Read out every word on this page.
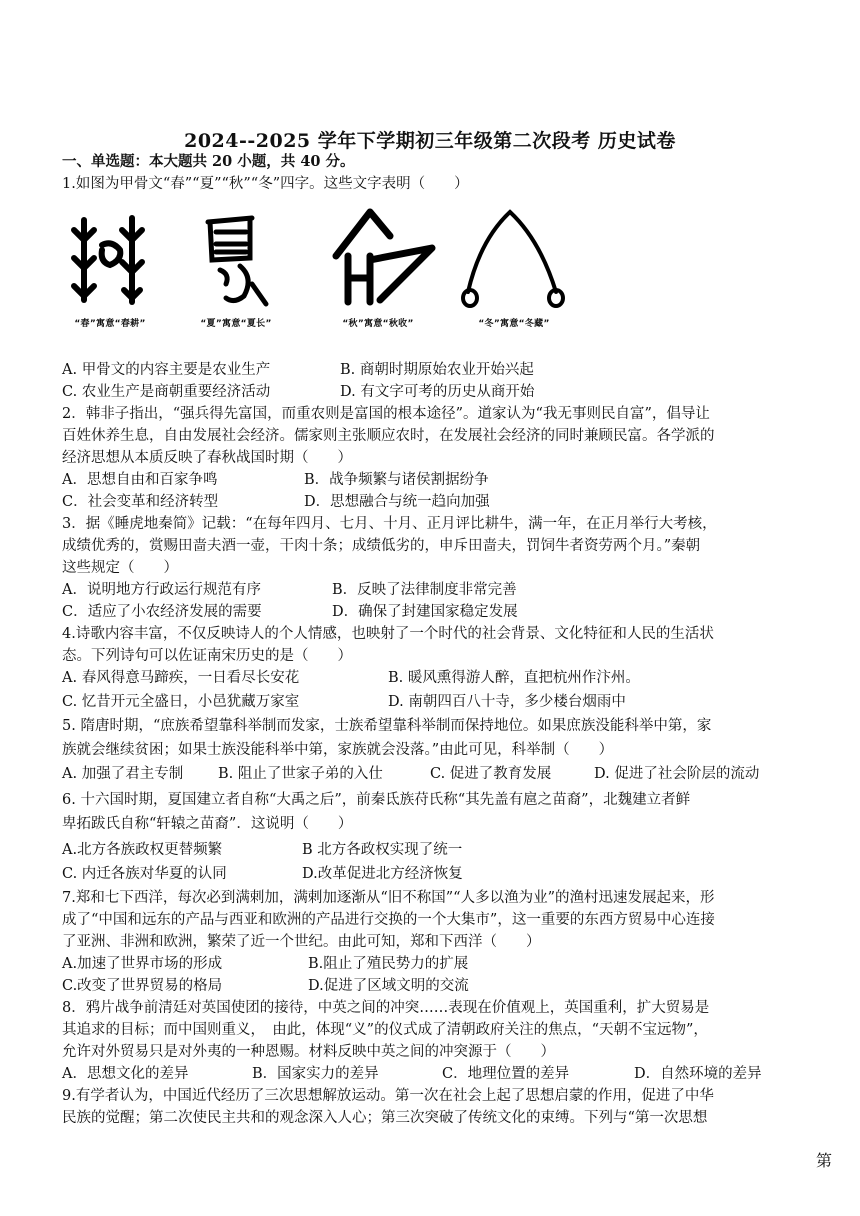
2024--2025 学年下学期初三年级第二次段考 历史试卷
一、单选题：本大题共 20 小题，共 40 分。
1.如图为甲骨文“春”“夏”“秋”“冬”四字。这些文字表明（　　）
“春”寓意“春耕”	“夏”寓意“夏长”	“秋”寓意“秋收”	“冬”寓意“冬藏”
A. 甲骨文的内容主要是农业生产	B. 商朝时期原始农业开始兴起
C. 农业生产是商朝重要经济活动	D. 有文字可考的历史从商开始
2．韩非子指出，“强兵得先富国，而重农则是富国的根本途径”。道家认为“我无事则民自富”，倡导让
百姓休养生息，自由发展社会经济。儒家则主张顺应农时，在发展社会经济的同时兼顾民富。各学派的
经济思想从本质反映了春秋战国时期（　　）
A．思想自由和百家争鸣	B．战争频繁与诸侯割据纷争
C．社会变革和经济转型	D．思想融合与统一趋向加强
3．据《睡虎地秦简》记载：“在每年四月、七月、十月、正月评比耕牛，满一年，在正月举行大考核，
成绩优秀的，赏赐田啬夫酒一壶，干肉十条；成绩低劣的，申斥田啬夫，罚饲牛者资劳两个月。”秦朝
这些规定（　　）
A．说明地方行政运行规范有序	B．反映了法律制度非常完善
C．适应了小农经济发展的需要	D．确保了封建国家稳定发展
4.诗歌内容丰富，不仅反映诗人的个人情感，也映射了一个时代的社会背景、文化特征和人民的生活状
态。下列诗句可以佐证南宋历史的是（　　）
A. 春风得意马蹄疾，一日看尽长安花	B. 暖风熏得游人醉，直把杭州作汴州。
C. 忆昔开元全盛日，小邑犹藏万家室	D. 南朝四百八十寺，多少楼台烟雨中
5. 隋唐时期，“庶族希望靠科举制而发家，士族希望靠科举制而保持地位。如果庶族没能科举中第，家
族就会继续贫困；如果士族没能科举中第，家族就会没落。”由此可见，科举制（　　）
A. 加强了君主专制 B. 阻止了世家子弟的入仕	C. 促进了教育发展	D. 促进了社会阶层的流动
6. 十六国时期，夏国建立者自称“大禹之后”，前秦氐族苻氏称“其先盖有扈之苗裔”，北魏建立者鲜
卑拓跋氏自称“轩辕之苗裔”．这说明（　　）
A.北方各族政权更替频繁	B 北方各政权实现了统一
C. 内迁各族对华夏的认同	D.改革促进北方经济恢复
7.郑和七下西洋，每次必到满剌加，满剌加逐渐从“旧不称国”“人多以渔为业”的渔村迅速发展起来，形
成了“中国和远东的产品与西亚和欧洲的产品进行交换的一个大集市”，这一重要的东西方贸易中心连接
了亚洲、非洲和欧洲，繁荣了近一个世纪。由此可知，郑和下西洋（　　）
A.加速了世界市场的形成	B.阻止了殖民势力的扩展
C.改变了世界贸易的格局	D.促进了区域文明的交流
8．鸦片战争前清廷对英国使团的接待，中英之间的冲突……表现在价值观上，英国重利，扩大贸易是
其追求的目标；而中国则重义，　由此，体现“义”的仪式成了清朝政府关注的焦点，“天朝不宝远物”，
允许对外贸易只是对外夷的一种恩赐。材料反映中英之间的冲突源于（　　）
A．思想文化的差异	B．国家实力的差异	C．地理位置的差异	D．自然环境的差异
9.有学者认为，中国近代经历了三次思想解放运动。第一次在社会上起了思想启蒙的作用，促进了中华
民族的觉醒；第二次使民主共和的观念深入人心；第三次突破了传统文化的束缚。下列与“第一次思想
第
